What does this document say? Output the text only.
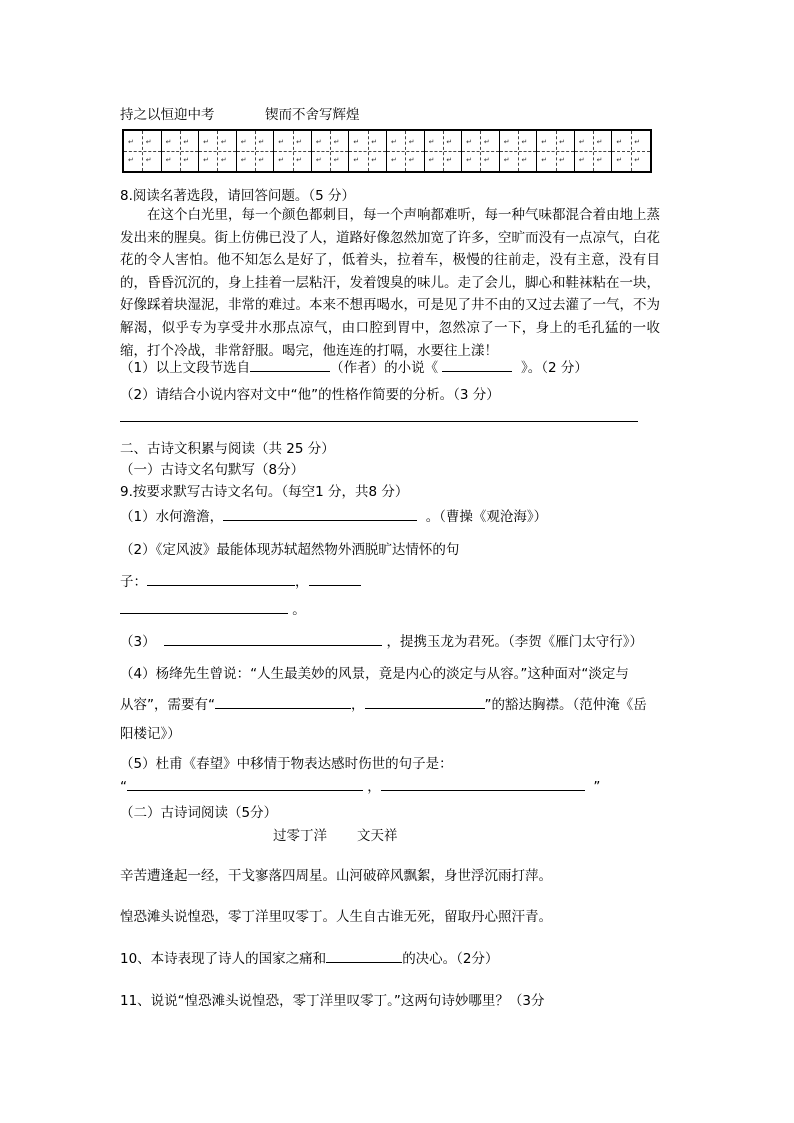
持之以恒迎中考	锲而不舍写辉煌
↵ ↵
↵ ↵
↵ ↵
↵ ↵
↵ ↵
↵ ↵
↵ ↵
↵ ↵
↵ ↵
↵ ↵
↵ ↵
↵ ↵
↵ ↵
↵ ↵
↵ ↵
↵ ↵
↵ ↵
↵ ↵
↵ ↵
↵ ↵
↵ ↵
↵ ↵
↵ ↵
↵ ↵
↵ ↵
↵ ↵
↵ ↵
↵ ↵
8.阅读名著选段，请回答问题。（5 分）
在这个白光里，每一个颜色都刺目，每一个声响都难听，每一种气味都混合着由地上蒸发出来的腥臭。街上仿佛已没了人，道路好像忽然加宽了许多，空旷而没有一点凉气，白花花的令人害怕。他不知怎么是好了，低着头，拉着车，极慢的往前走，没有主意，没有目的，昏昏沉沉的，身上挂着一层粘汗，发着馊臭的味儿。走了会儿，脚心和鞋袜粘在一块，好像踩着块湿泥，非常的难过。本来不想再喝水，可是见了井不由的又过去灌了一气，不为解渴，似乎专为享受井水那点凉气，由口腔到胃中，忽然凉了一下，身上的毛孔猛的一收缩，打个冷战，非常舒服。喝完，他连连的打嗝，水要往上漾！
（1）以上文段节选自	（作者）的小说《	》。（2 分）
（2）请结合小说内容对文中“他”的性格作简要的分析。（3 分）
二、古诗文积累与阅读（共 25 分）
（一）古诗文名句默写（8分）
9.按要求默写古诗文名句。（每空1 分，共8 分）
（1）水何澹澹，	。（曹操《观沧海》）
（2）《定风波》最能体现苏轼超然物外洒脱旷达情怀的句
子：	，
。
（3）	，提携玉龙为君死。（李贺《雁门太守行》）
（4）杨绛先生曾说：“人生最美妙的风景，竟是内心的淡定与从容。”这种面对“淡定与
从容”，需要有“	，	”的豁达胸襟。（范仲淹《岳
阳楼记》）
（5）杜甫《春望》中移情于物表达感时伤世的句子是：
“	，	”
（二）古诗词阅读（5分）
过零丁洋 文天祥
辛苦遭逢起一经，干戈寥落四周星。山河破碎风飘絮，身世浮沉雨打萍。
惶恐滩头说惶恐，零丁洋里叹零丁。人生自古谁无死，留取丹心照汗青。
10、本诗表现了诗人的国家之痛和	的决心。（2分）
11、说说“惶恐滩头说惶恐，零丁洋里叹零丁。”这两句诗妙哪里？（3分
